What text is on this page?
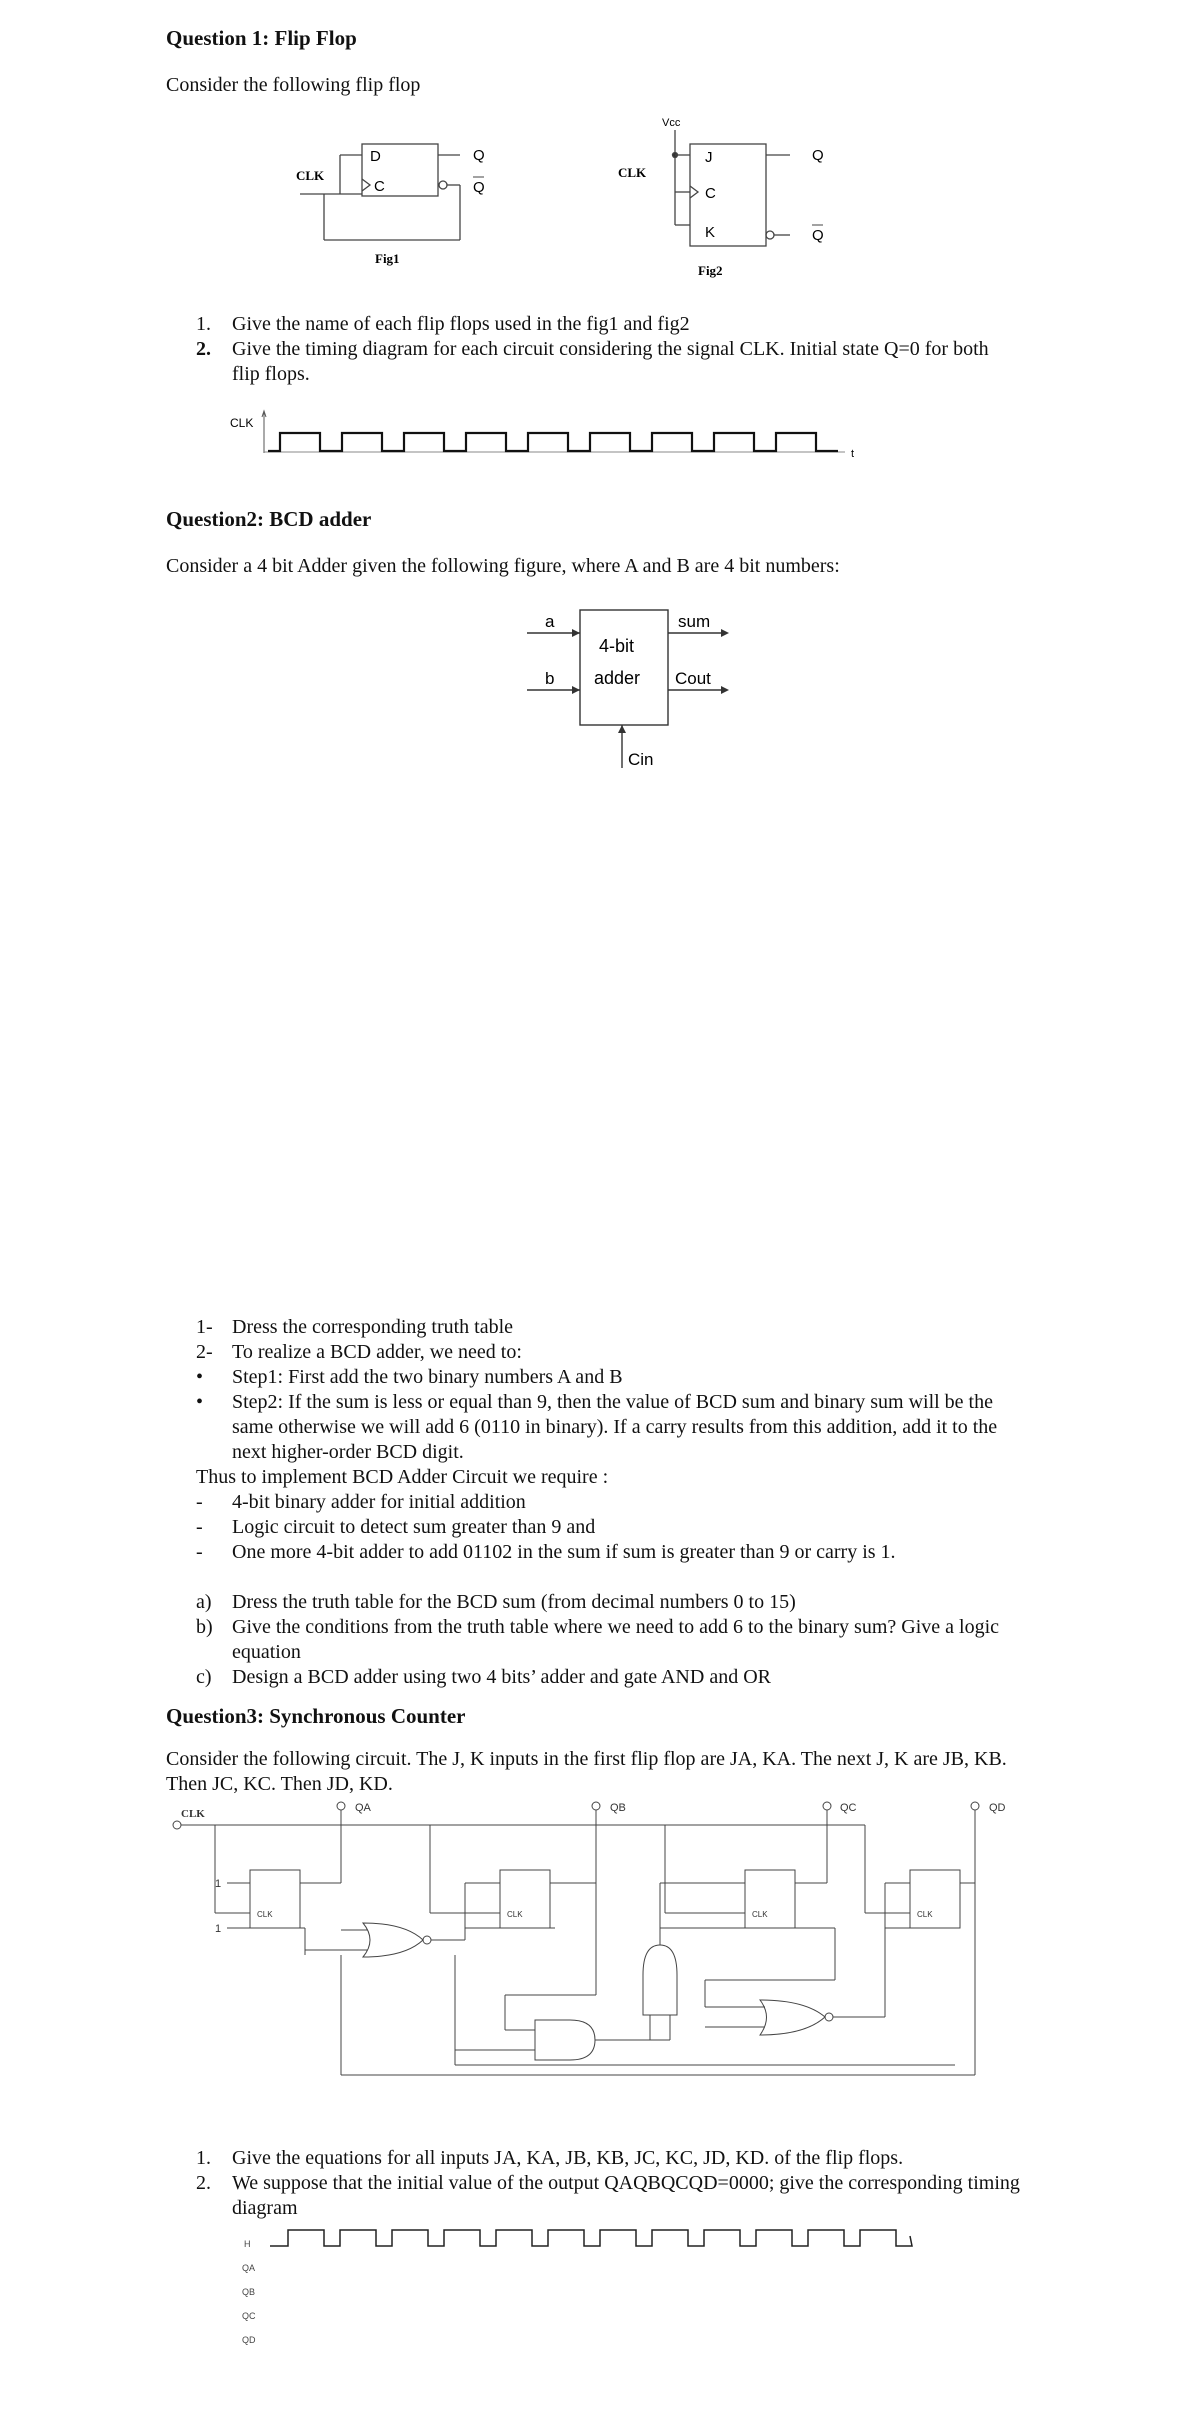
Question 1: Flip Flop
Consider the following flip flop
CLK
D
C
Q
Q
Fig1
Vcc
CLK
J
C
K
Q
Q
Fig2
1. Give the name of each flip flops used in the fig1 and fig2
2. Give the timing diagram for each circuit considering the signal CLK. Initial state Q=0 for both flip flops.
CLK
t
Question2: BCD adder
Consider a 4 bit Adder given the following figure, where A and B are 4 bit numbers:
a
b
4-bit
adder
sum
Cout
Cin
1- Dress the corresponding truth table
2- To realize a BCD adder, we need to:
• Step1: First add the two binary numbers A and B
• Step2: If the sum is less or equal than 9, then the value of BCD sum and binary sum will be the same otherwise we will add 6 (0110 in binary). If a carry results from this addition, add it to the next higher-order BCD digit.
Thus to implement BCD Adder Circuit we require :
- 4-bit binary adder for initial addition
- Logic circuit to detect sum greater than 9 and
- One more 4-bit adder to add 01102 in the sum if sum is greater than 9 or carry is 1.
a) Dress the truth table for the BCD sum (from decimal numbers 0 to 15)
b) Give the conditions from the truth table where we need to add 6 to the binary sum? Give a logic equation
c) Design a BCD adder using two 4 bits’ adder and gate AND and OR
Question3: Synchronous Counter
Consider the following circuit. The J, K inputs in the first flip flop are JA, KA. The next J, K are JB, KB. Then JC, KC. Then JD, KD.
CLK	QA	QB	QC	QD
1
1
CLK	CLK	CLK	CLK
1. Give the equations for all inputs JA, KA, JB, KB, JC, KC, JD, KD. of the flip flops.
2. We suppose that the initial value of the output QAQBQCQD=0000; give the corresponding timing diagram
H
QA
QB
QC
QD
